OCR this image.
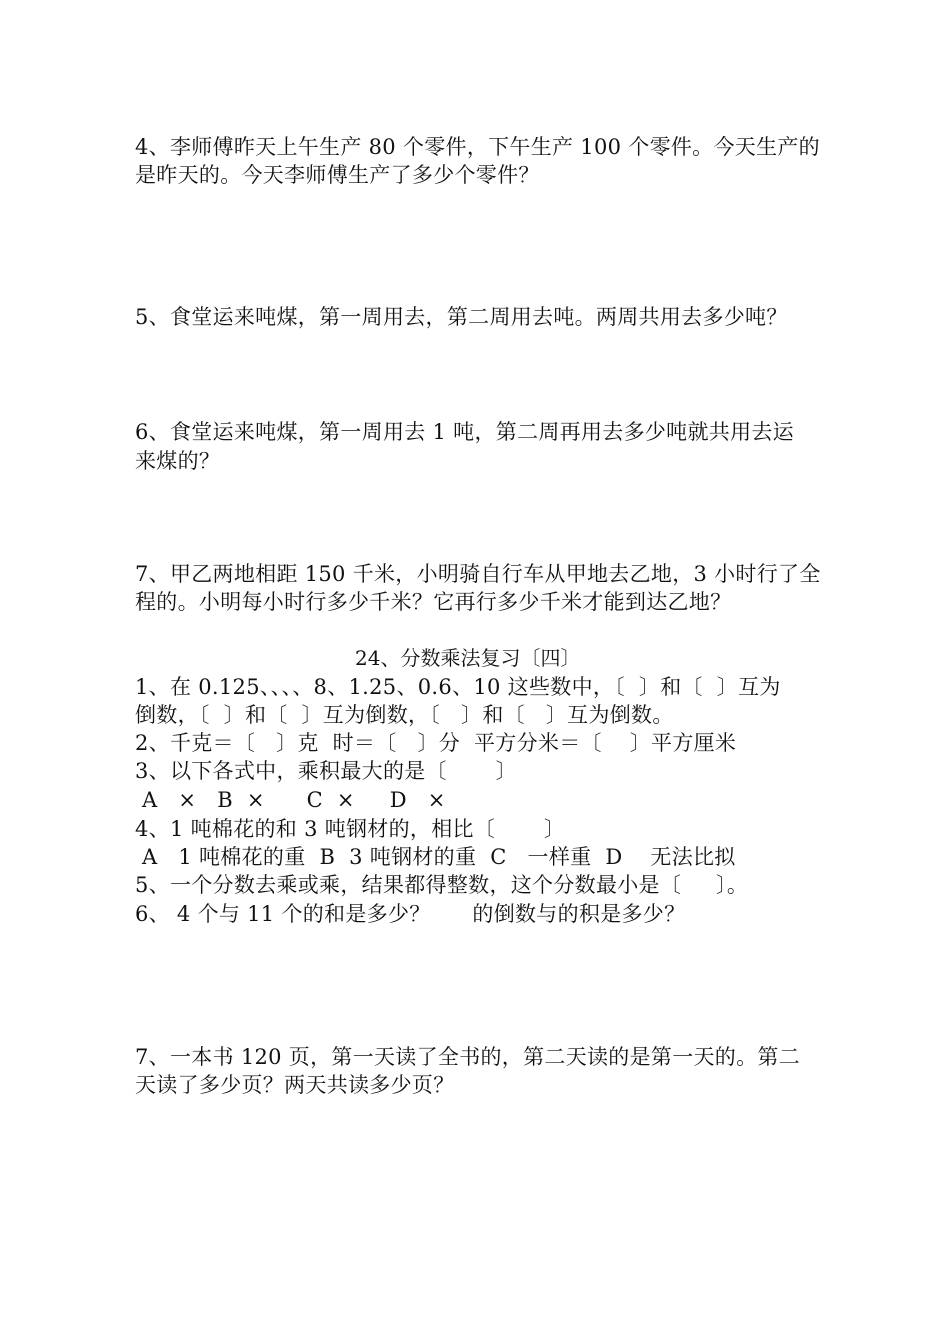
4、李师傅昨天上午生产 80 个零件，下午生产 100 个零件。今天生产的
是昨天的。今天李师傅生产了多少个零件？
5、食堂运来吨煤，第一周用去，第二周用去吨。两周共用去多少吨？
6、食堂运来吨煤，第一周用去 1 吨，第二周再用去多少吨就共用去运
来煤的？
7、甲乙两地相距 150 千米，小明骑自行车从甲地去乙地，3 小时行了全
程的。小明每小时行多少千米？它再行多少千米才能到达乙地？
24、分数乘法复习〔四〕
1、在 0.125、、、、8、1.25、0.6、10 这些数中，〔  〕和〔  〕互为
倒数，〔  〕和〔  〕互为倒数，〔   〕和〔   〕互为倒数。
2、千克＝〔   〕克  时＝〔   〕分  平方分米＝〔    〕平方厘米
3、以下各式中，乘积最大的是〔       〕
A   ×   B  ×      C  ×     D   ×
4、1 吨棉花的和 3 吨钢材的，相比〔       〕
A   1 吨棉花的重  B  3 吨钢材的重  C   一样重  D    无法比拟
5、一个分数去乘或乘，结果都得整数，这个分数最小是〔     〕。
6、 4 个与 11 个的和是多少？      的倒数与的积是多少？
7、一本书 120 页，第一天读了全书的，第二天读的是第一天的。第二
天读了多少页？两天共读多少页？
